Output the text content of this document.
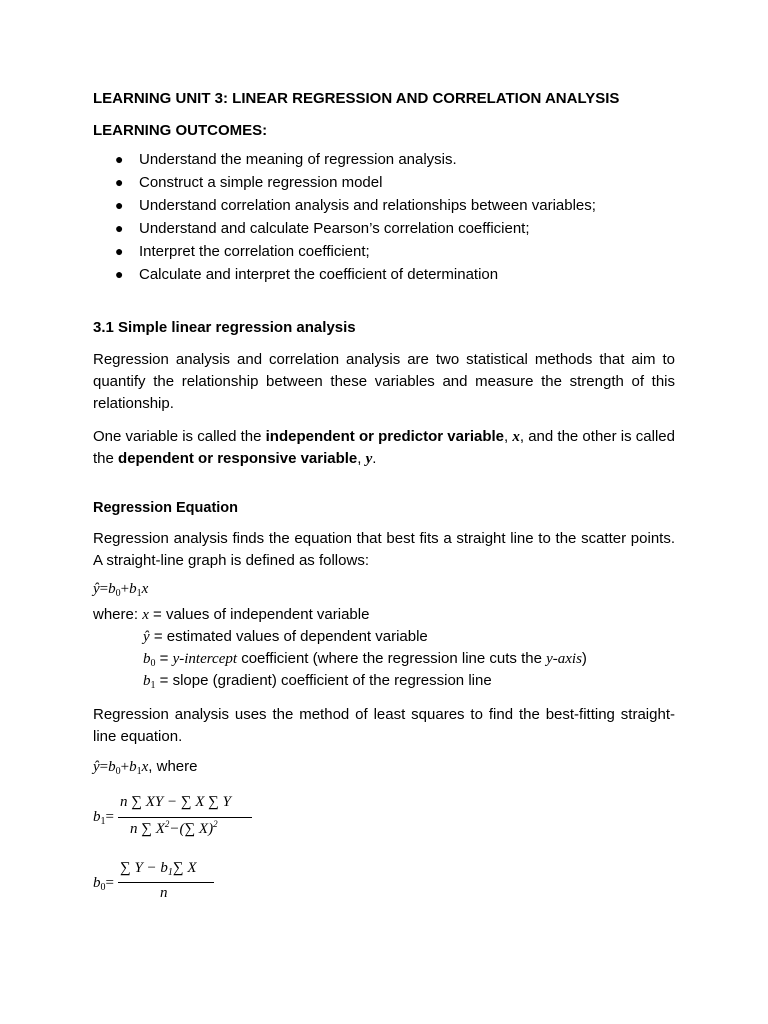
LEARNING UNIT 3: LINEAR REGRESSION AND CORRELATION ANALYSIS
LEARNING OUTCOMES:
● Understand the meaning of regression analysis.
● Construct a simple regression model
● Understand correlation analysis and relationships between variables;
● Understand and calculate Pearson’s correlation coefficient;
● Interpret the correlation coefficient;
● Calculate and interpret the coefficient of determination
3.1 Simple linear regression analysis
Regression analysis and correlation analysis are two statistical methods that aim to quantify the relationship between these variables and measure the strength of this relationship.
One variable is called the independent or predictor variable, x, and the other is called the dependent or responsive variable, y.
Regression Equation
Regression analysis finds the equation that best fits a straight line to the scatter points. A straight-line graph is defined as follows:
$ŷ=b_0+b_1x$
where: x = values of independent variable
ŷ = estimated values of dependent variable
$b_0$ = y-intercept coefficient (where the regression line cuts the y-axis)
$b_1$ = slope (gradient) coefficient of the regression line
Regression analysis uses the method of least squares to find the best-fitting straight-line equation.
$ŷ=b_0+b_1x$, where
$b_1=$
n ∑ XY − ∑ X ∑ Y
n ∑ $X^2-(\sum$ X)$^2$
$b_0=$
∑ $Y - b_1\sum$ X
n
